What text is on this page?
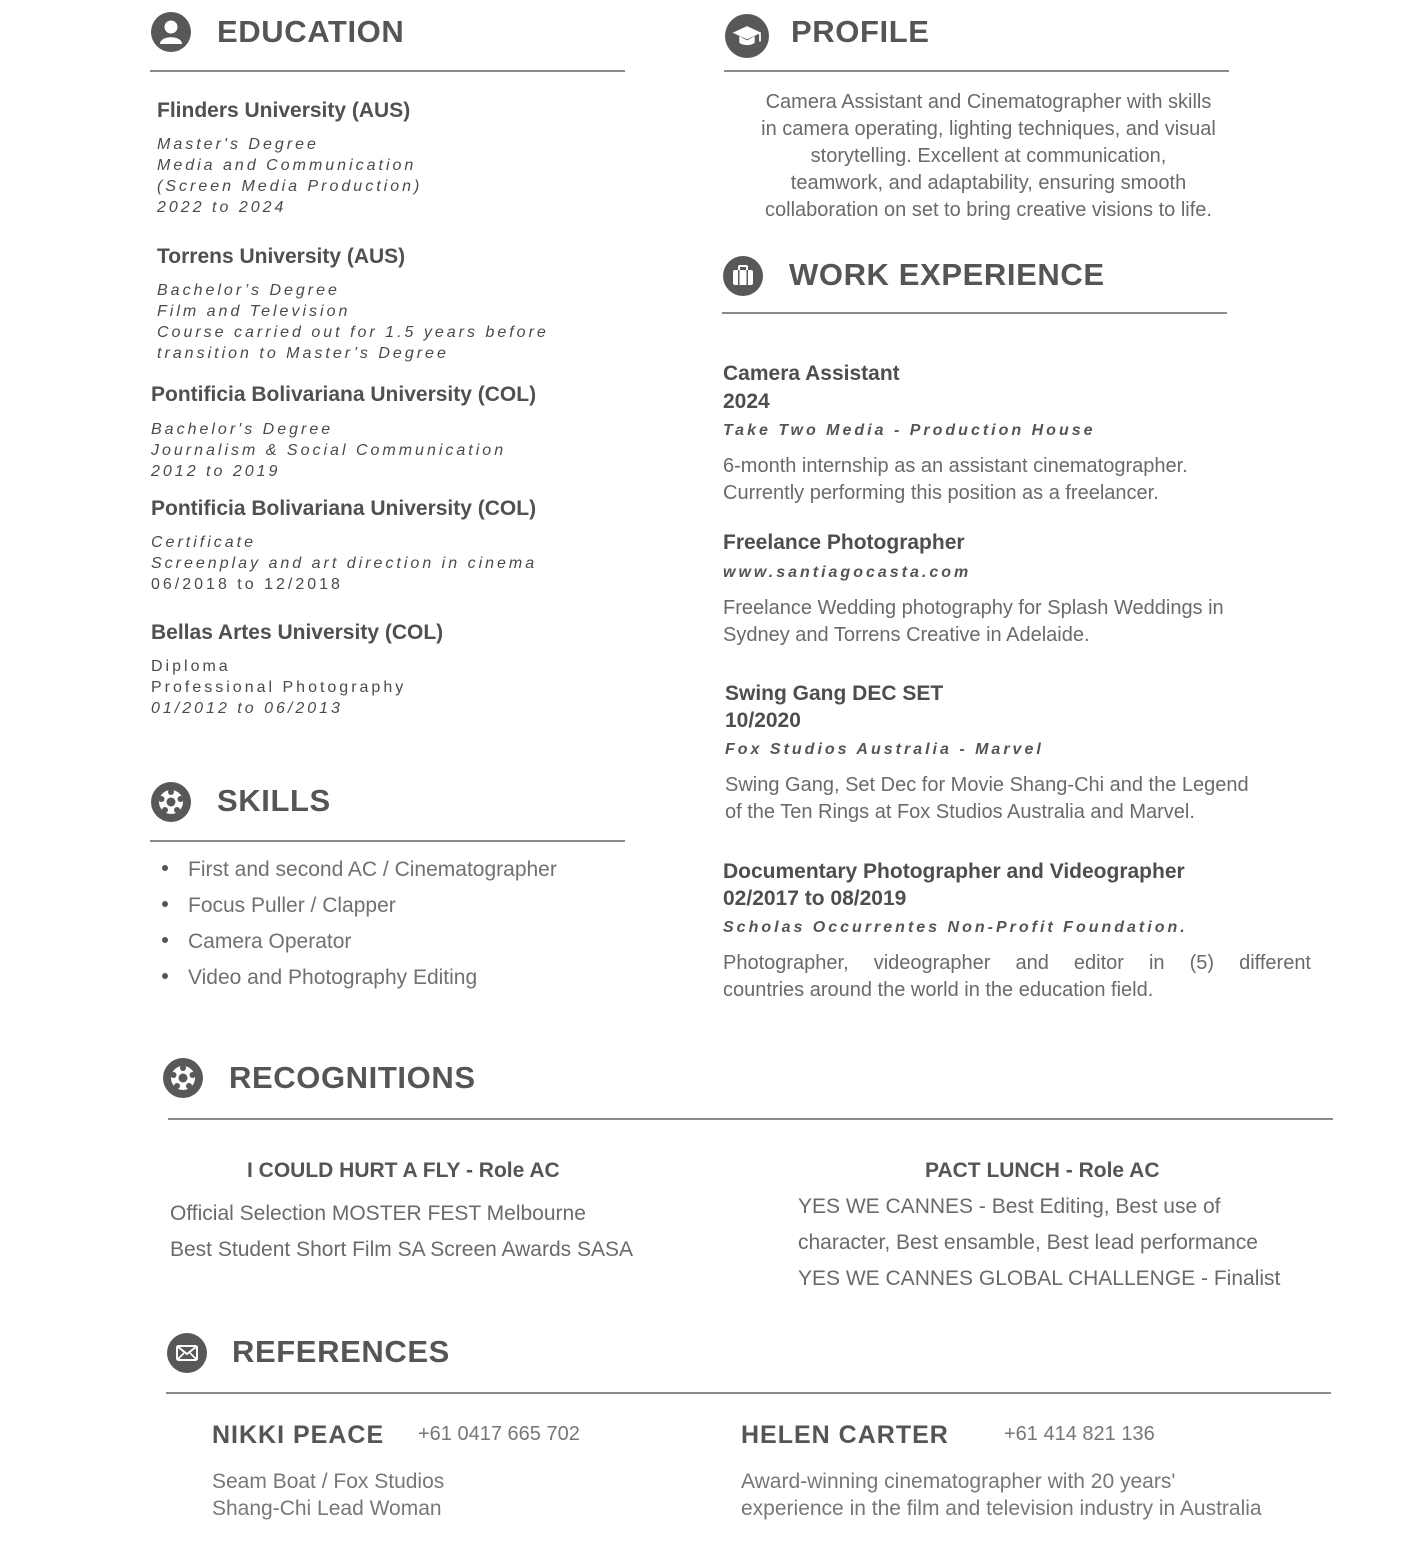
EDUCATION
Flinders University (AUS)
Master's Degree
Media and Communication
(Screen Media Production)
2022 to 2024
Torrens University (AUS)
Bachelor’s Degree
Film and Television
Course carried out for 1.5 years before
transition to Master’s Degree
Pontificia Bolivariana University (COL)
Bachelor's Degree
Journalism & Social Communication
2012 to 2019
Pontificia Bolivariana University (COL)
Certificate
Screenplay and art direction in cinema
06/2018 to 12/2018
Bellas Artes University (COL)
Diploma
Professional Photography
01/2012 to 06/2013
PROFILE
Camera Assistant and Cinematographer with skills
in camera operating, lighting techniques, and visual
storytelling. Excellent at communication,
teamwork, and adaptability, ensuring smooth
collaboration on set to bring creative visions to life.
WORK EXPERIENCE
Camera Assistant
2024
Take Two Media - Production House
6-month internship as an assistant cinematographer.
Currently performing this position as a freelancer.
Freelance Photographer
www.santiagocasta.com
Freelance Wedding photography for Splash Weddings in
Sydney and Torrens Creative in Adelaide.
Swing Gang DEC SET
10/2020
Fox Studios Australia - Marvel
Swing Gang, Set Dec for Movie Shang-Chi and the Legend
of the Ten Rings at Fox Studios Australia and Marvel.
Documentary Photographer and Videographer
02/2017 to 08/2019
Scholas Occurrentes Non-Profit Foundation.
Photographer, videographer and editor in (5) different
countries around the world in the education field.
SKILLS
First and second AC / Cinematographer
Focus Puller / Clapper
Camera Operator
Video and Photography Editing
RECOGNITIONS
I COULD HURT A FLY - Role AC
Official Selection MOSTER FEST Melbourne
Best Student Short Film SA Screen Awards SASA
PACT LUNCH - Role AC
YES WE CANNES - Best Editing, Best use of
character, Best ensamble, Best lead performance
YES WE CANNES GLOBAL CHALLENGE - Finalist
REFERENCES
NIKKI PEACE +61 0417 665 702
Seam Boat / Fox Studios
Shang-Chi Lead Woman
HELEN CARTER	+61 414 821 136
Award-winning cinematographer with 20 years'
experience in the film and television industry in Australia
